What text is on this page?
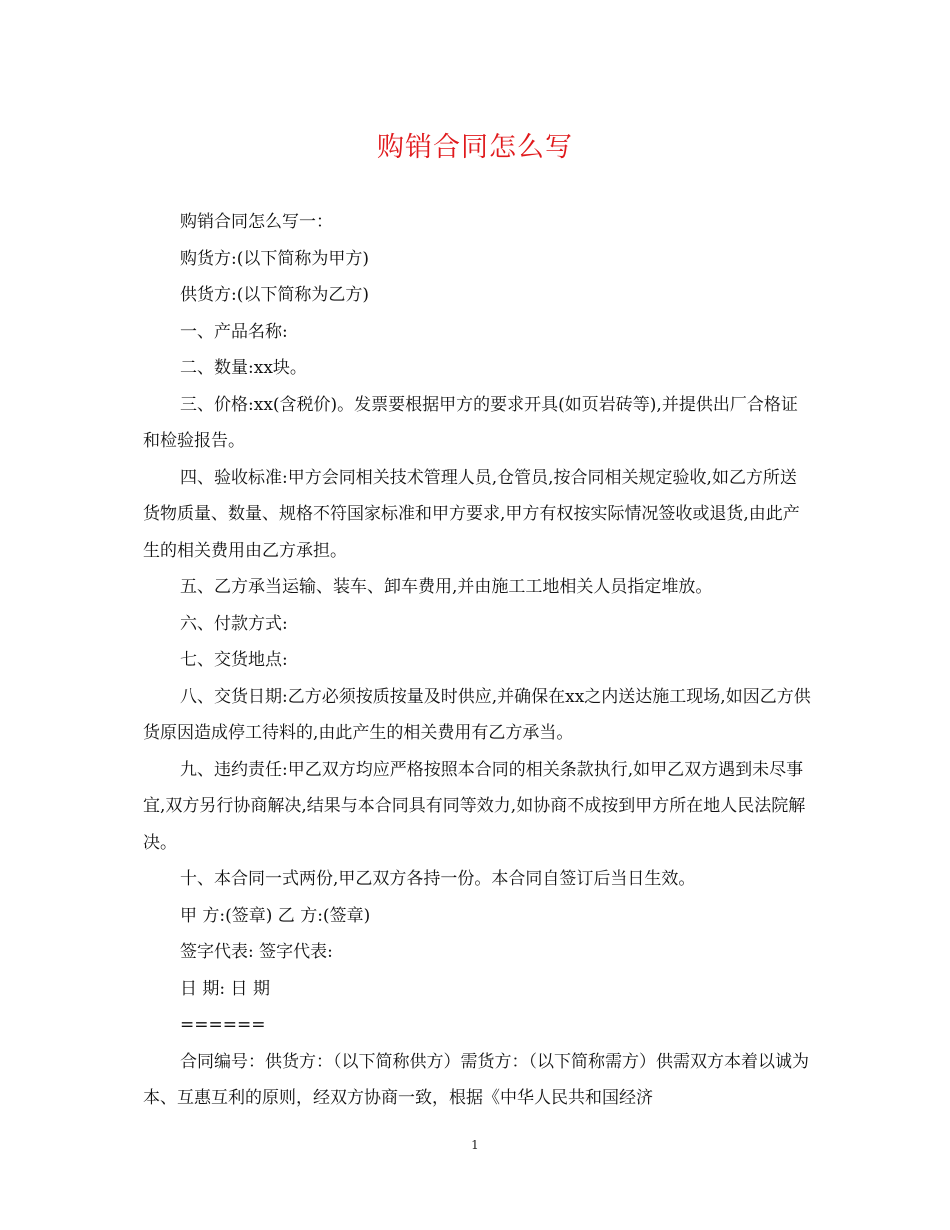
购销合同怎么写

购销合同怎么写一：

购货方:(以下简称为甲方)

供货方:(以下简称为乙方)

一、产品名称:

二、数量:xx块。

三、价格:xx(含税价)。发票要根据甲方的要求开具(如页岩砖等),并提供出厂合格证和检验报告。

四、验收标准:甲方会同相关技术管理人员,仓管员,按合同相关规定验收,如乙方所送货物质量、数量、规格不符国家标准和甲方要求,甲方有权按实际情况签收或退货,由此产生的相关费用由乙方承担。

五、乙方承当运输、装车、卸车费用,并由施工工地相关人员指定堆放。

六、付款方式:

七、交货地点:

八、交货日期:乙方必须按质按量及时供应,并确保在xx之内送达施工现场,如因乙方供货原因造成停工待料的,由此产生的相关费用有乙方承当。

九、违约责任:甲乙双方均应严格按照本合同的相关条款执行,如甲乙双方遇到未尽事宜,双方另行协商解决,结果与本合同具有同等效力,如协商不成按到甲方所在地人民法院解决。

十、本合同一式两份,甲乙双方各持一份。本合同自签订后当日生效。

甲 方:(签章) 乙 方:(签章)

签字代表: 签字代表:

日 期: 日 期

======

合同编号：供货方：（以下简称供方）需货方：（以下简称需方）供需双方本着以诚为本、互惠互利的原则，经双方协商一致，根据《中华人民共和国经济

1
